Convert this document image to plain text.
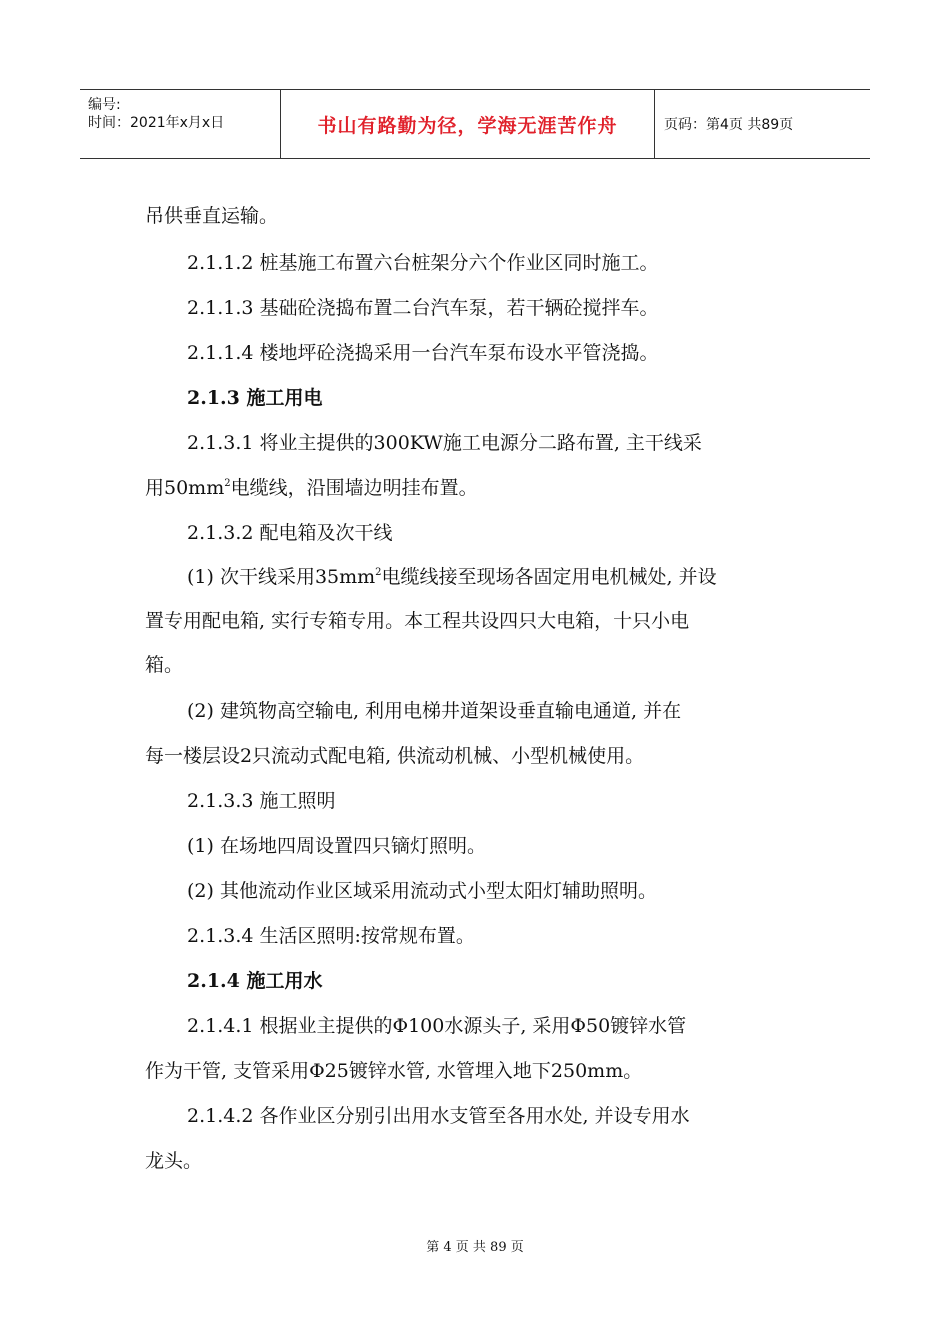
编号:
时间：2021年x月x日	书山有路勤为径，学海无涯苦作舟	页码：第4页 共89页
吊供垂直运输。
2.1.1.2 桩基施工布置六台桩架分六个作业区同时施工。
2.1.1.3 基础砼浇捣布置二台汽车泵，若干辆砼搅拌车。
2.1.1.4 楼地坪砼浇捣采用一台汽车泵布设水平管浇捣。
2.1.3 施工用电
2.1.3.1 将业主提供的300KW施工电源分二路布置, 主干线采
用$50mm^2$电缆线，沿围墙边明挂布置。
2.1.3.2 配电箱及次干线
(1) 次干线采用$35mm^2$电缆线接至现场各固定用电机械处, 并设
置专用配电箱, 实行专箱专用。本工程共设四只大电箱，十只小电
箱。
(2) 建筑物高空输电, 利用电梯井道架设垂直输电通道, 并在
每一楼层设2只流动式配电箱, 供流动机械、小型机械使用。
2.1.3.3 施工照明
(1) 在场地四周设置四只镝灯照明。
(2) 其他流动作业区域采用流动式小型太阳灯辅助照明。
2.1.3.4 生活区照明:按常规布置。
2.1.4 施工用水
2.1.4.1 根据业主提供的Φ100水源头子, 采用Φ50镀锌水管
作为干管, 支管采用Φ25镀锌水管, 水管埋入地下250mm。
2.1.4.2 各作业区分别引出用水支管至各用水处, 并设专用水
龙头。
第 4 页 共 89 页
